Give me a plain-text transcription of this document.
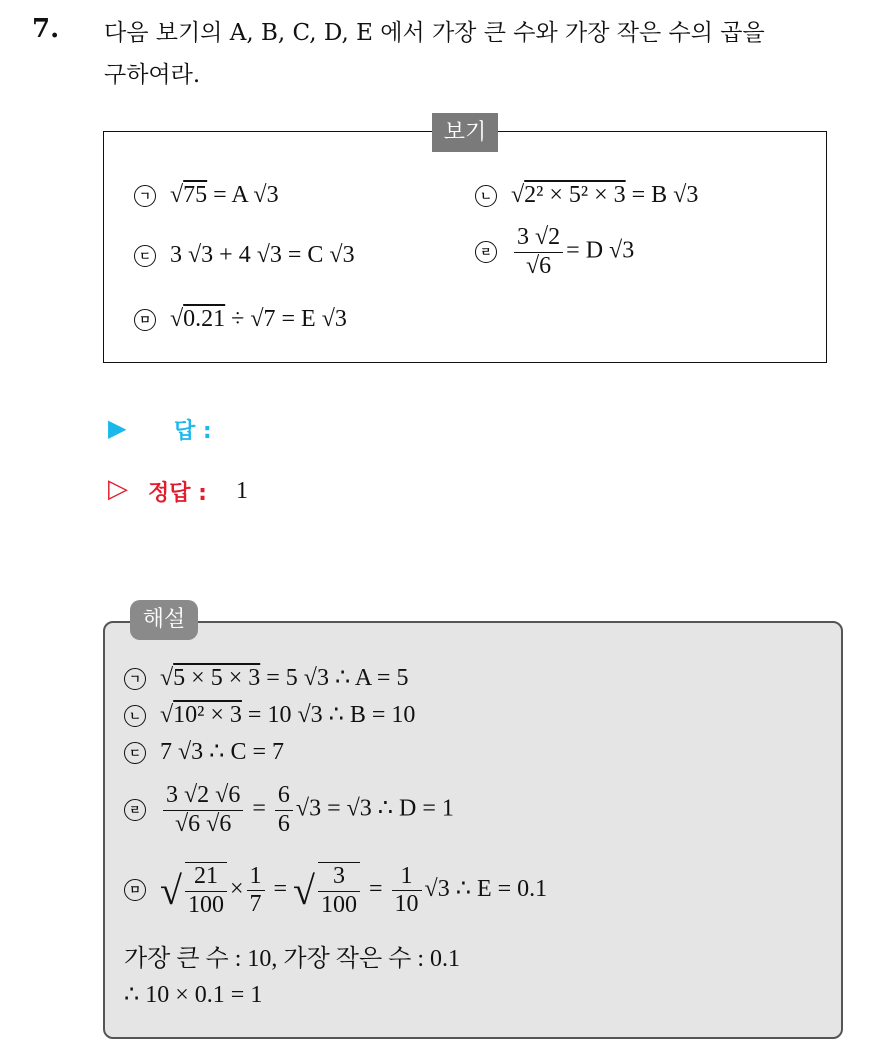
7. 다음 보기의 A, B, C, D, E 에서 가장 큰 수와 가장 작은 수의 곱을
구하여라.
보기
ㄱ √75 = A √3	ㄴ √2² × 5² × 3 = B √3
ㄷ 3 √3 + 4 √3 = C √3	ㄹ $\frac{3 √2}{√6} = D$ √3
ㅁ √0.21 ÷ √7 = E √3
▶ 답 :
▷ 정답 : 1
해설
ㄱ √5 × 5 × 3 = 5 √3 ∴ A = 5
ㄴ √10² × 3 = 10 √3 ∴ B = 10
ㄷ 7 √3 ∴ C = 7
ㄹ $\frac{3 √2 √6}{√6 √6} = \frac{6}{6} √3 = √3$ ∴ D = 1
ㅁ √ $\frac{21}{100} \times \frac{1}{7}$ = √ $\frac{3}{100} = \frac{1}{10} √3$ ∴ E = 0.1
가장 큰 수 : 10, 가장 작은 수 : 0.1
∴ 10 × 0.1 = 1
